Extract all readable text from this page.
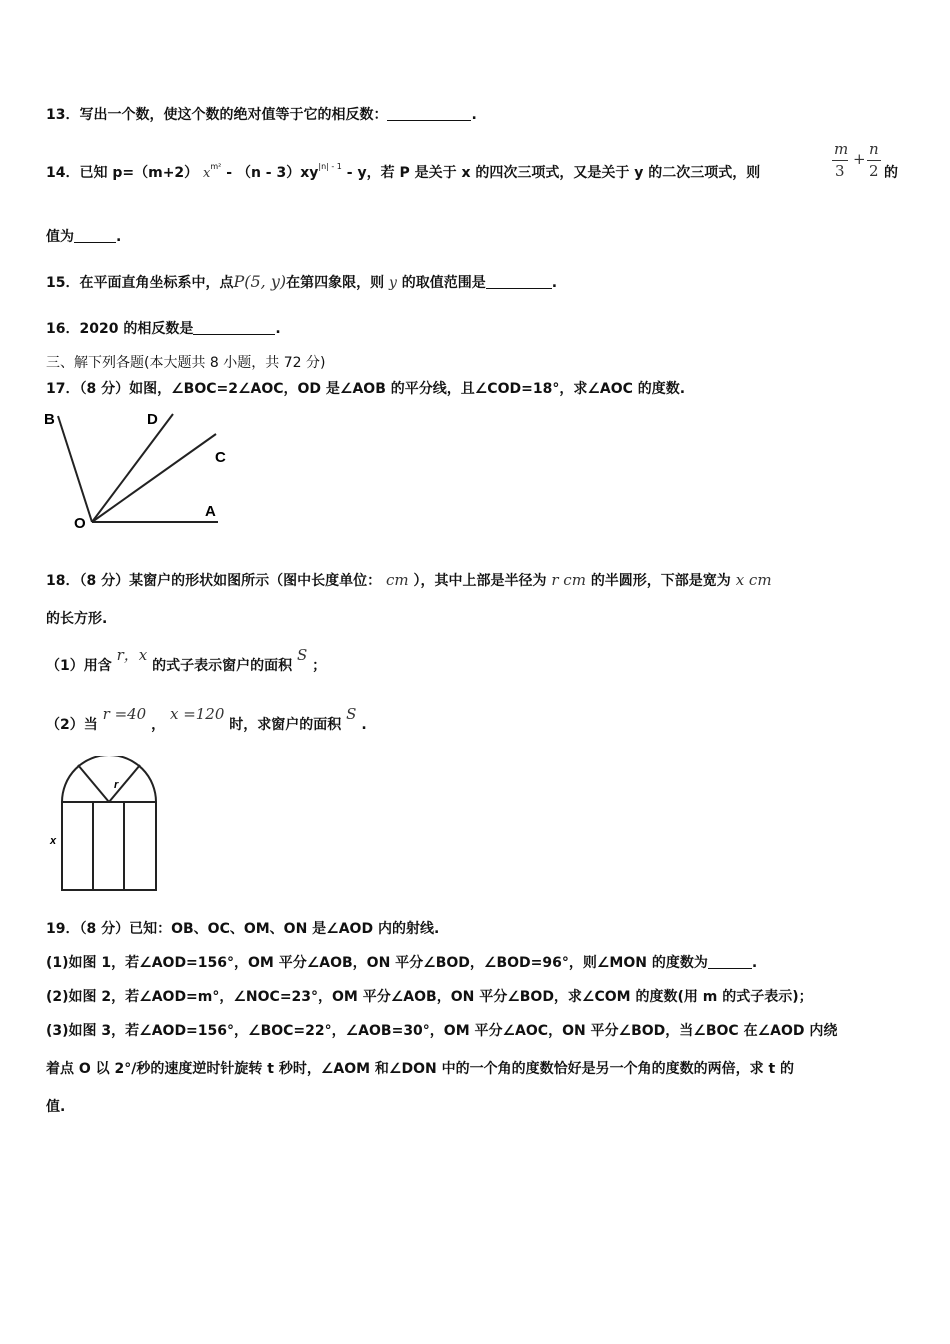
13．写出一个数，使这个数的绝对值等于它的相反数：	.
14．已知 p=（m+2） $x^{m^2} - (n - 3)xy^{|n| - 1}$ - y，若 P 是关于 x 的四次三项式，又是关于 y 的二次三项式，则
m
3
+
n
2 的
值为	.
15．在平面直角坐标系中，点P(5, y)在第四象限，则 y 的取值范围是	.
16．2020 的相反数是	.
三、解下列各题(本大题共 8 小题，共 72 分)
17．（8 分）如图，∠BOC=2∠AOC，OD 是∠AOB 的平分线，且∠COD=18°，求∠AOC 的度数.
B	D
C
O
A
18．（8 分）某窗户的形状如图所示（图中长度单位： cm ），其中上部是半径为 r cm 的半圆形，下部是宽为 x cm
的长方形.
（1）用含 r，x 的式子表示窗户的面积 S ；
（2）当 r =40 ， x =120 时，求窗户的面积 S .
r
x
19．（8 分）已知：OB、OC、OM、ON 是∠AOD 内的射线.
(1)如图 1，若∠AOD=156°，OM 平分∠AOB，ON 平分∠BOD，∠BOD=96°，则∠MON 的度数为	.
(2)如图 2，若∠AOD=m°，∠NOC=23°，OM 平分∠AOB，ON 平分∠BOD，求∠COM 的度数(用 m 的式子表示)；
(3)如图 3，若∠AOD=156°，∠BOC=22°，∠AOB=30°，OM 平分∠AOC，ON 平分∠BOD，当∠BOC 在∠AOD 内绕
着点 O 以 2°/秒的速度逆时针旋转 t 秒时，∠AOM 和∠DON 中的一个角的度数恰好是另一个角的度数的两倍，求 t 的
值.
